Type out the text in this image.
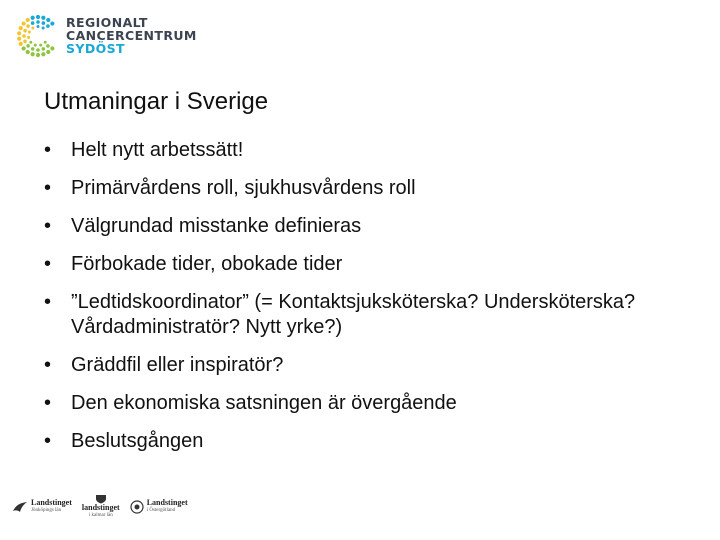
REGIONALT
CANCERCENTRUM
SYDÖST
Utmaningar i Sverige
• Helt nytt arbetssätt!
• Primärvårdens roll, sjukhusvårdens roll
• Välgrundad misstanke definieras
• Förbokade tider, obokade tider
• ”Ledtidskoordinator” (= Kontaktsjuksköterska? Undersköterska? Vårdadministratör? Nytt yrke?)
• Gräddfil eller inspiratör?
• Den ekonomiska satsningen är övergående
• Beslutsgången
Landstinget
Jönköpings län	landstinget
i kalmar län
Landstinget
i Östergötland
